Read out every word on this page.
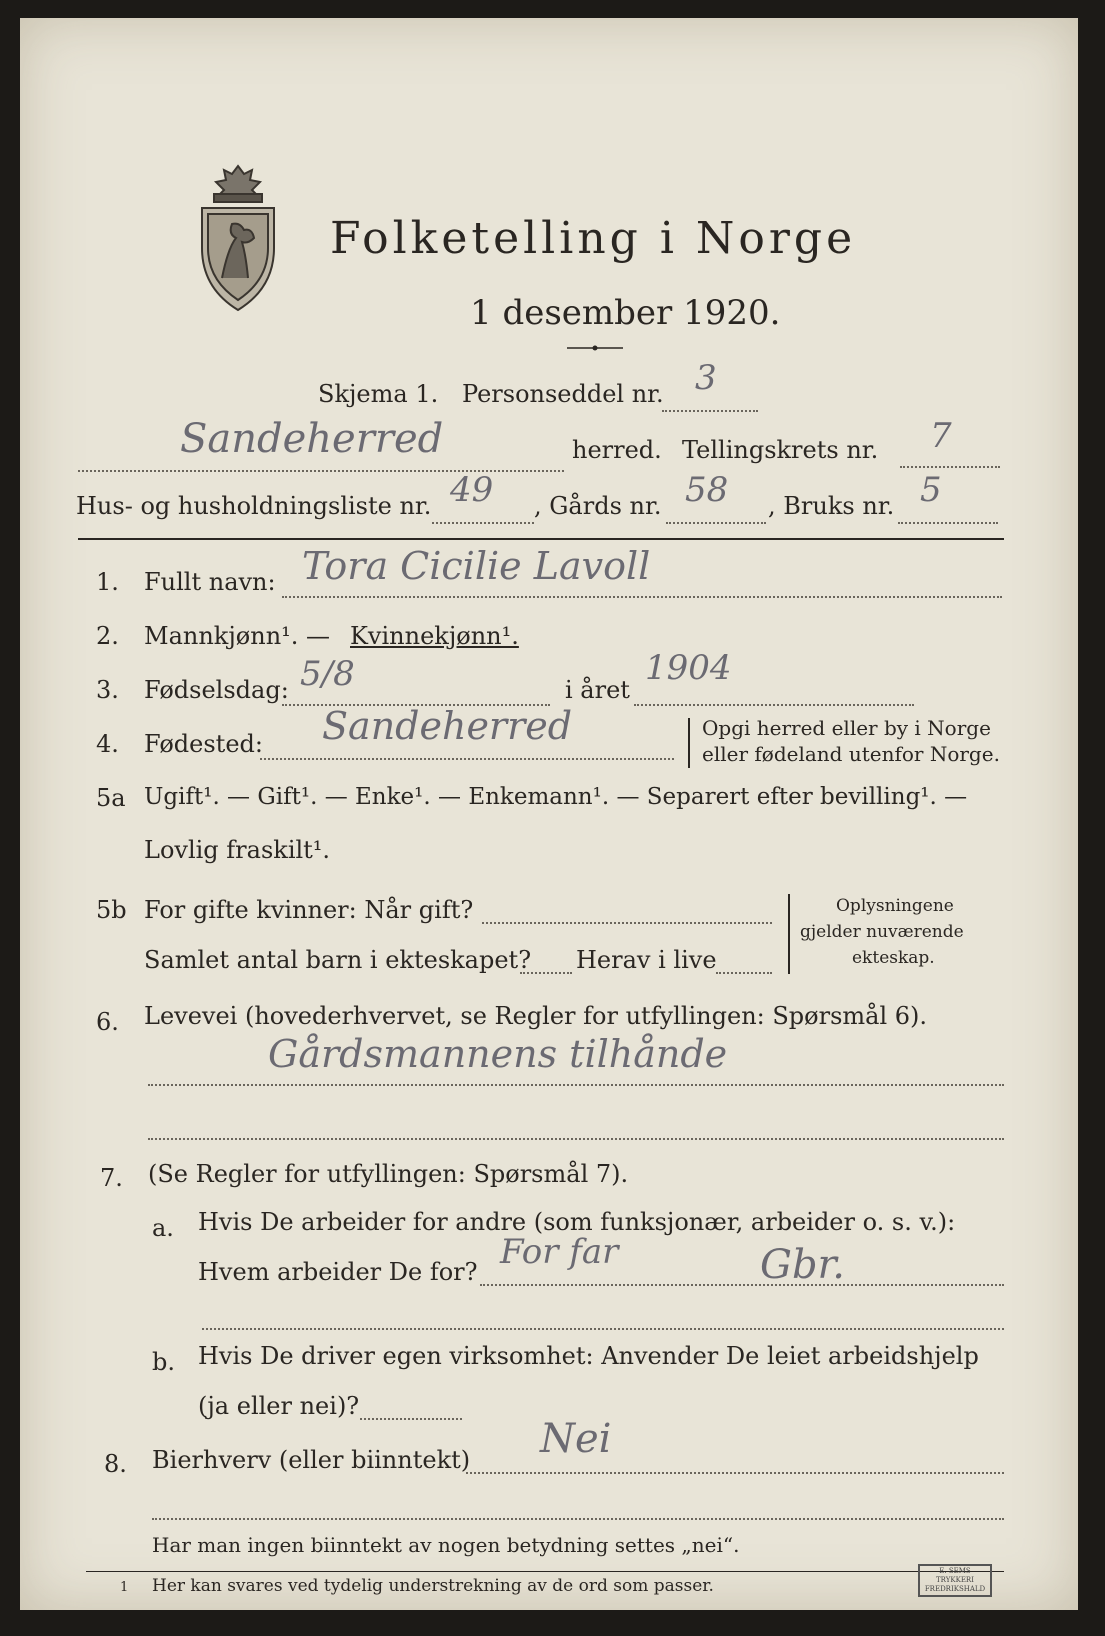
Folketelling i Norge
1 desember 1920.
Skjema 1. Personseddel nr. 3
Sandeherred	herred. Tellingskrets nr. 7
Hus- og husholdningsliste nr. 49 , Gårds nr. 58 , Bruks nr. 5
1. Fullt navn: Tora Cicilie Lavoll
2. Mannkjønn¹. — Kvinnekjønn¹.
3. Fødselsdag: 5/8	i året
1904
4. Fødested: Sandeherred	Opgi herred eller by i Norge
eller fødeland utenfor Norge.
5a Ugift¹. — Gift¹. — Enke¹. — Enkemann¹. — Separert efter bevilling¹. —
Lovlig fraskilt¹.
5b For gifte kvinner: Når gift?
Samlet antal barn i ekteskapet? Herav i live
Oplysningene
gjelder nuværende
ekteskap.
6. Levevei (hovederhvervet, se Regler for utfyllingen: Spørsmål 6).
Gårdsmannens tilhånde
7. (Se Regler for utfyllingen: Spørsmål 7).
a. Hvis De arbeider for andre (som funksjonær, arbeider o. s. v.):
Hvem arbeider De for? For far	Gbr.
b. Hvis De driver egen virksomhet: Anvender De leiet arbeidshjelp
(ja eller nei)?
8. Bierhverv (eller biinntekt) Nei
Har man ingen biinntekt av nogen betydning settes „nei“.
1 Her kan svares ved tydelig understrekning av de ord som passer.
E. SEMS TRYKKERI
FREDRIKSHALD
